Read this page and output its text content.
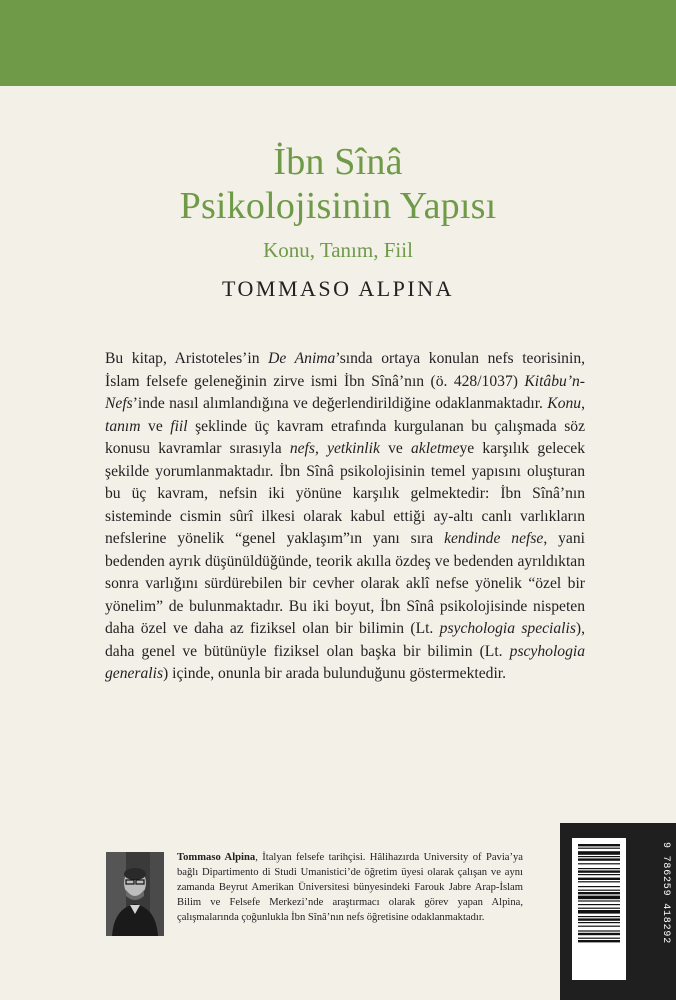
İbn Sînâ
Psikolojisinin Yapısı
Konu, Tanım, Fiil
TOMMASO ALPINA

Bu kitap, Aristoteles’in De Anima’sında ortaya konulan nefs teorisinin, İslam felsefe geleneğinin zirve ismi İbn Sînâ’nın (ö. 428/1037) Kitâbu’n-Nefs’inde nasıl alımlandığına ve değerlendirildiğine odaklanmaktadır. Konu, tanım ve fiil şeklinde üç kavram etrafında kurgulanan bu çalışmada söz konusu kavramlar sırasıyla nefs, yetkinlik ve akletmeye karşılık gelecek şekilde yorumlanmaktadır. İbn Sînâ psikolojisinin temel yapısını oluşturan bu üç kavram, nefsin iki yönüne karşılık gelmektedir: İbn Sînâ’nın sisteminde cismin sûrî ilkesi olarak kabul ettiği ay-altı canlı varlıkların nefslerine yönelik “genel yaklaşım”ın yanı sıra kendinde nefse, yani bedenden ayrık düşünüldüğünde, teorik akılla özdeş ve bedenden ayrıldıktan sonra varlığını sürdürebilen bir cevher olarak aklî nefse yönelik “özel bir yönelim” de bulunmaktadır. Bu iki boyut, İbn Sînâ psikolojisinde nispeten daha özel ve daha az fiziksel olan bir bilimin (Lt. psychologia specialis), daha genel ve bütünüyle fiziksel olan başka bir bilimin (Lt. pscyhologia generalis) içinde, onunla bir arada bulunduğunu göstermektedir.

Tommaso Alpina, İtalyan felsefe tarihçisi. Hâlihazırda University of Pavia’ya bağlı Dipartimento di Studi Umanistici’de öğretim üyesi olarak çalışan ve aynı zamanda Beyrut Amerikan Üniversitesi bünyesindeki Farouk Jabre Arap-İslam Bilim ve Felsefe Merkezi’nde araştırmacı olarak görev yapan Alpina, çalışmalarında çoğunlukla İbn Sînâ’nın nefs öğretisine odaklanmaktadır.	9 786259 418292
